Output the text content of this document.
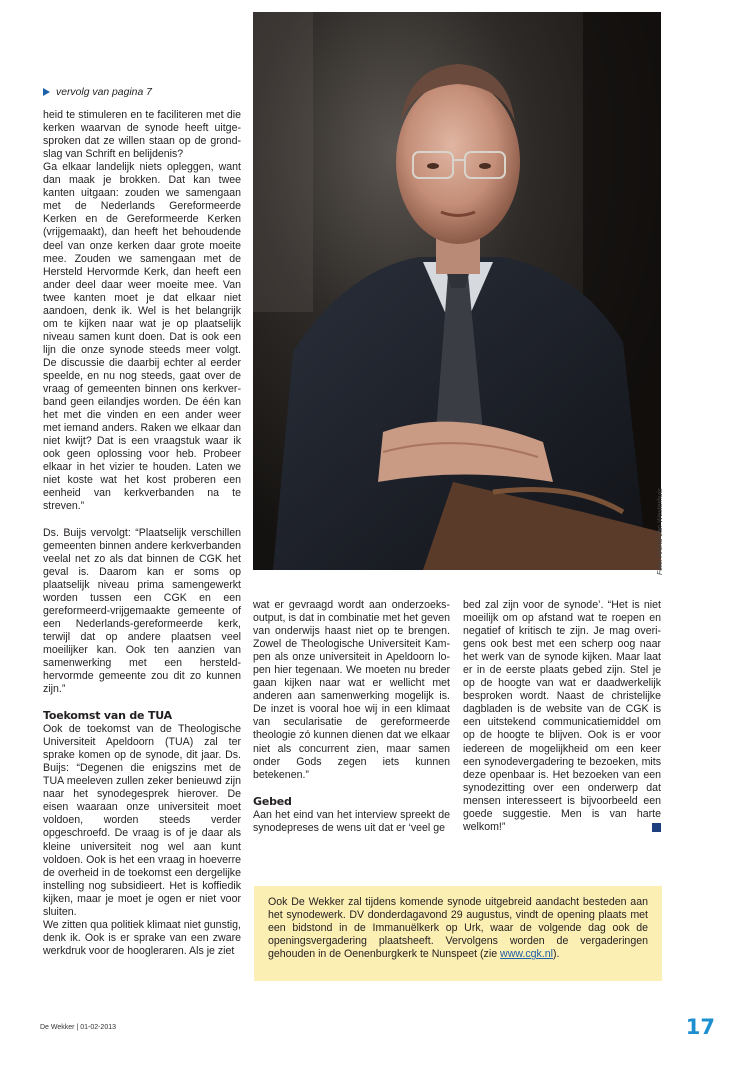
vervolg van pagina 7

heid te stimuleren en te faciliteren met die kerken waarvan de synode heeft uitgesproken dat ze willen staan op de grondslag van Schrift en belijdenis?

Ga elkaar landelijk niets opleggen, want dan maak je brokken. Dat kan twee kanten uitgaan: zouden we samengaan met de Nederlands Gereformeerde Kerken en de Gereformeerde Kerken (vrijgemaakt), dan heeft het behoudende deel van onze kerken daar grote moeite mee. Zouden we samengaan met de Hersteld Hervormde Kerk, dan heeft een ander deel daar weer moeite mee. Van twee kanten moet je dat elkaar niet aandoen, denk ik. Wel is het belangrijk om te kijken naar wat je op plaatselijk niveau samen kunt doen. Dat is ook een lijn die onze synode steeds meer volgt. De discussie die daarbij echter al eerder speelde, en nu nog steeds, gaat over de vraag of gemeenten binnen ons kerkverband geen eilandjes worden. De één kan het met die vinden en een ander weer met iemand anders. Raken we elkaar dan niet kwijt? Dat is een vraagstuk waar ik ook geen oplossing voor heb. Probeer elkaar in het vizier te houden. Laten we niet koste wat het kost proberen een eenheid van kerkverbanden na te streven.”

Ds. Buijs vervolgt: “Plaatselijk verschillen gemeenten binnen andere kerkverbanden veelal net zo als dat binnen de CGK het geval is. Daarom kan er soms op plaatselijk niveau prima samengewerkt worden tussen een CGK en een gereformeerd-vrijgemaakte gemeente of een Nederlands-gereformeerde kerk, terwijl dat op andere plaatsen veel moeilijker kan. Ook ten aanzien van samenwerking met een hersteldhervormde gemeente zou dit zo kunnen zijn.”

Toekomst van de TUA

Ook de toekomst van de Theologische Universiteit Apeldoorn (TUA) zal ter sprake komen op de synode, dit jaar. Ds. Buijs: “Degenen die enigszins met de TUA meeleven zullen zeker benieuwd zijn naar het synodegesprek hierover. De eisen waaraan onze universiteit moet voldoen, worden steeds verder opgeschroefd. De vraag is of je daar als kleine universiteit nog wel aan kunt voldoen. Ook is het een vraag in hoeverre de overheid in de toekomst een dergelijke instelling nog subsidieert. Het is koffiedik kijken, maar je moet je ogen er niet voor sluiten.

We zitten qua politiek klimaat niet gunstig, denk ik. Ook is er sprake van een zware werkdruk voor de hoogleraren. Als je ziet

Foto: Arend-Jan Westerhuis

wat er gevraagd wordt aan onderzoeksoutput, is dat in combinatie met het geven van onderwijs haast niet op te brengen. Zowel de Theologische Universiteit Kampen als onze universiteit in Apeldoorn lopen hier tegenaan. We moeten nu breder gaan kijken naar wat er wellicht met anderen aan samenwerking mogelijk is. De inzet is vooral hoe wij in een klimaat van secularisatie de gereformeerde theologie zó kunnen dienen dat we elkaar niet als concurrent zien, maar samen onder Gods zegen iets kunnen betekenen.”

Gebed

Aan het eind van het interview spreekt de synodepreses de wens uit dat er ‘veel ge

bed zal zijn voor de synode’. “Het is niet moeilijk om op afstand wat te roepen en negatief of kritisch te zijn. Je mag overigens ook best met een scherp oog naar het werk van de synode kijken. Maar laat er in de eerste plaats gebed zijn. Stel je op de hoogte van wat er daadwerkelijk besproken wordt. Naast de christelijke dagbladen is de website van de CGK is een uitstekend communicatiemiddel om op de hoogte te blijven. Ook is er voor iedereen de mogelijkheid om een keer een synodevergadering te bezoeken, mits deze openbaar is. Het bezoeken van een synodezitting over een onderwerp dat mensen interesseert is bijvoorbeeld een goede suggestie. Men is van harte welkom!”

Ook De Wekker zal tijdens komende synode uitgebreid aandacht besteden aan het synodewerk. DV donderdagavond 29 augustus, vindt de opening plaats met een bidstond in de Immanuëlkerk op Urk, waar de volgende dag ook de openingsvergadering plaatsheeft. Vervolgens worden de vergaderingen gehouden in de Oenenburgkerk te Nunspeet (zie www.cgk.nl).

De Wekker | 01-02-2013	17
